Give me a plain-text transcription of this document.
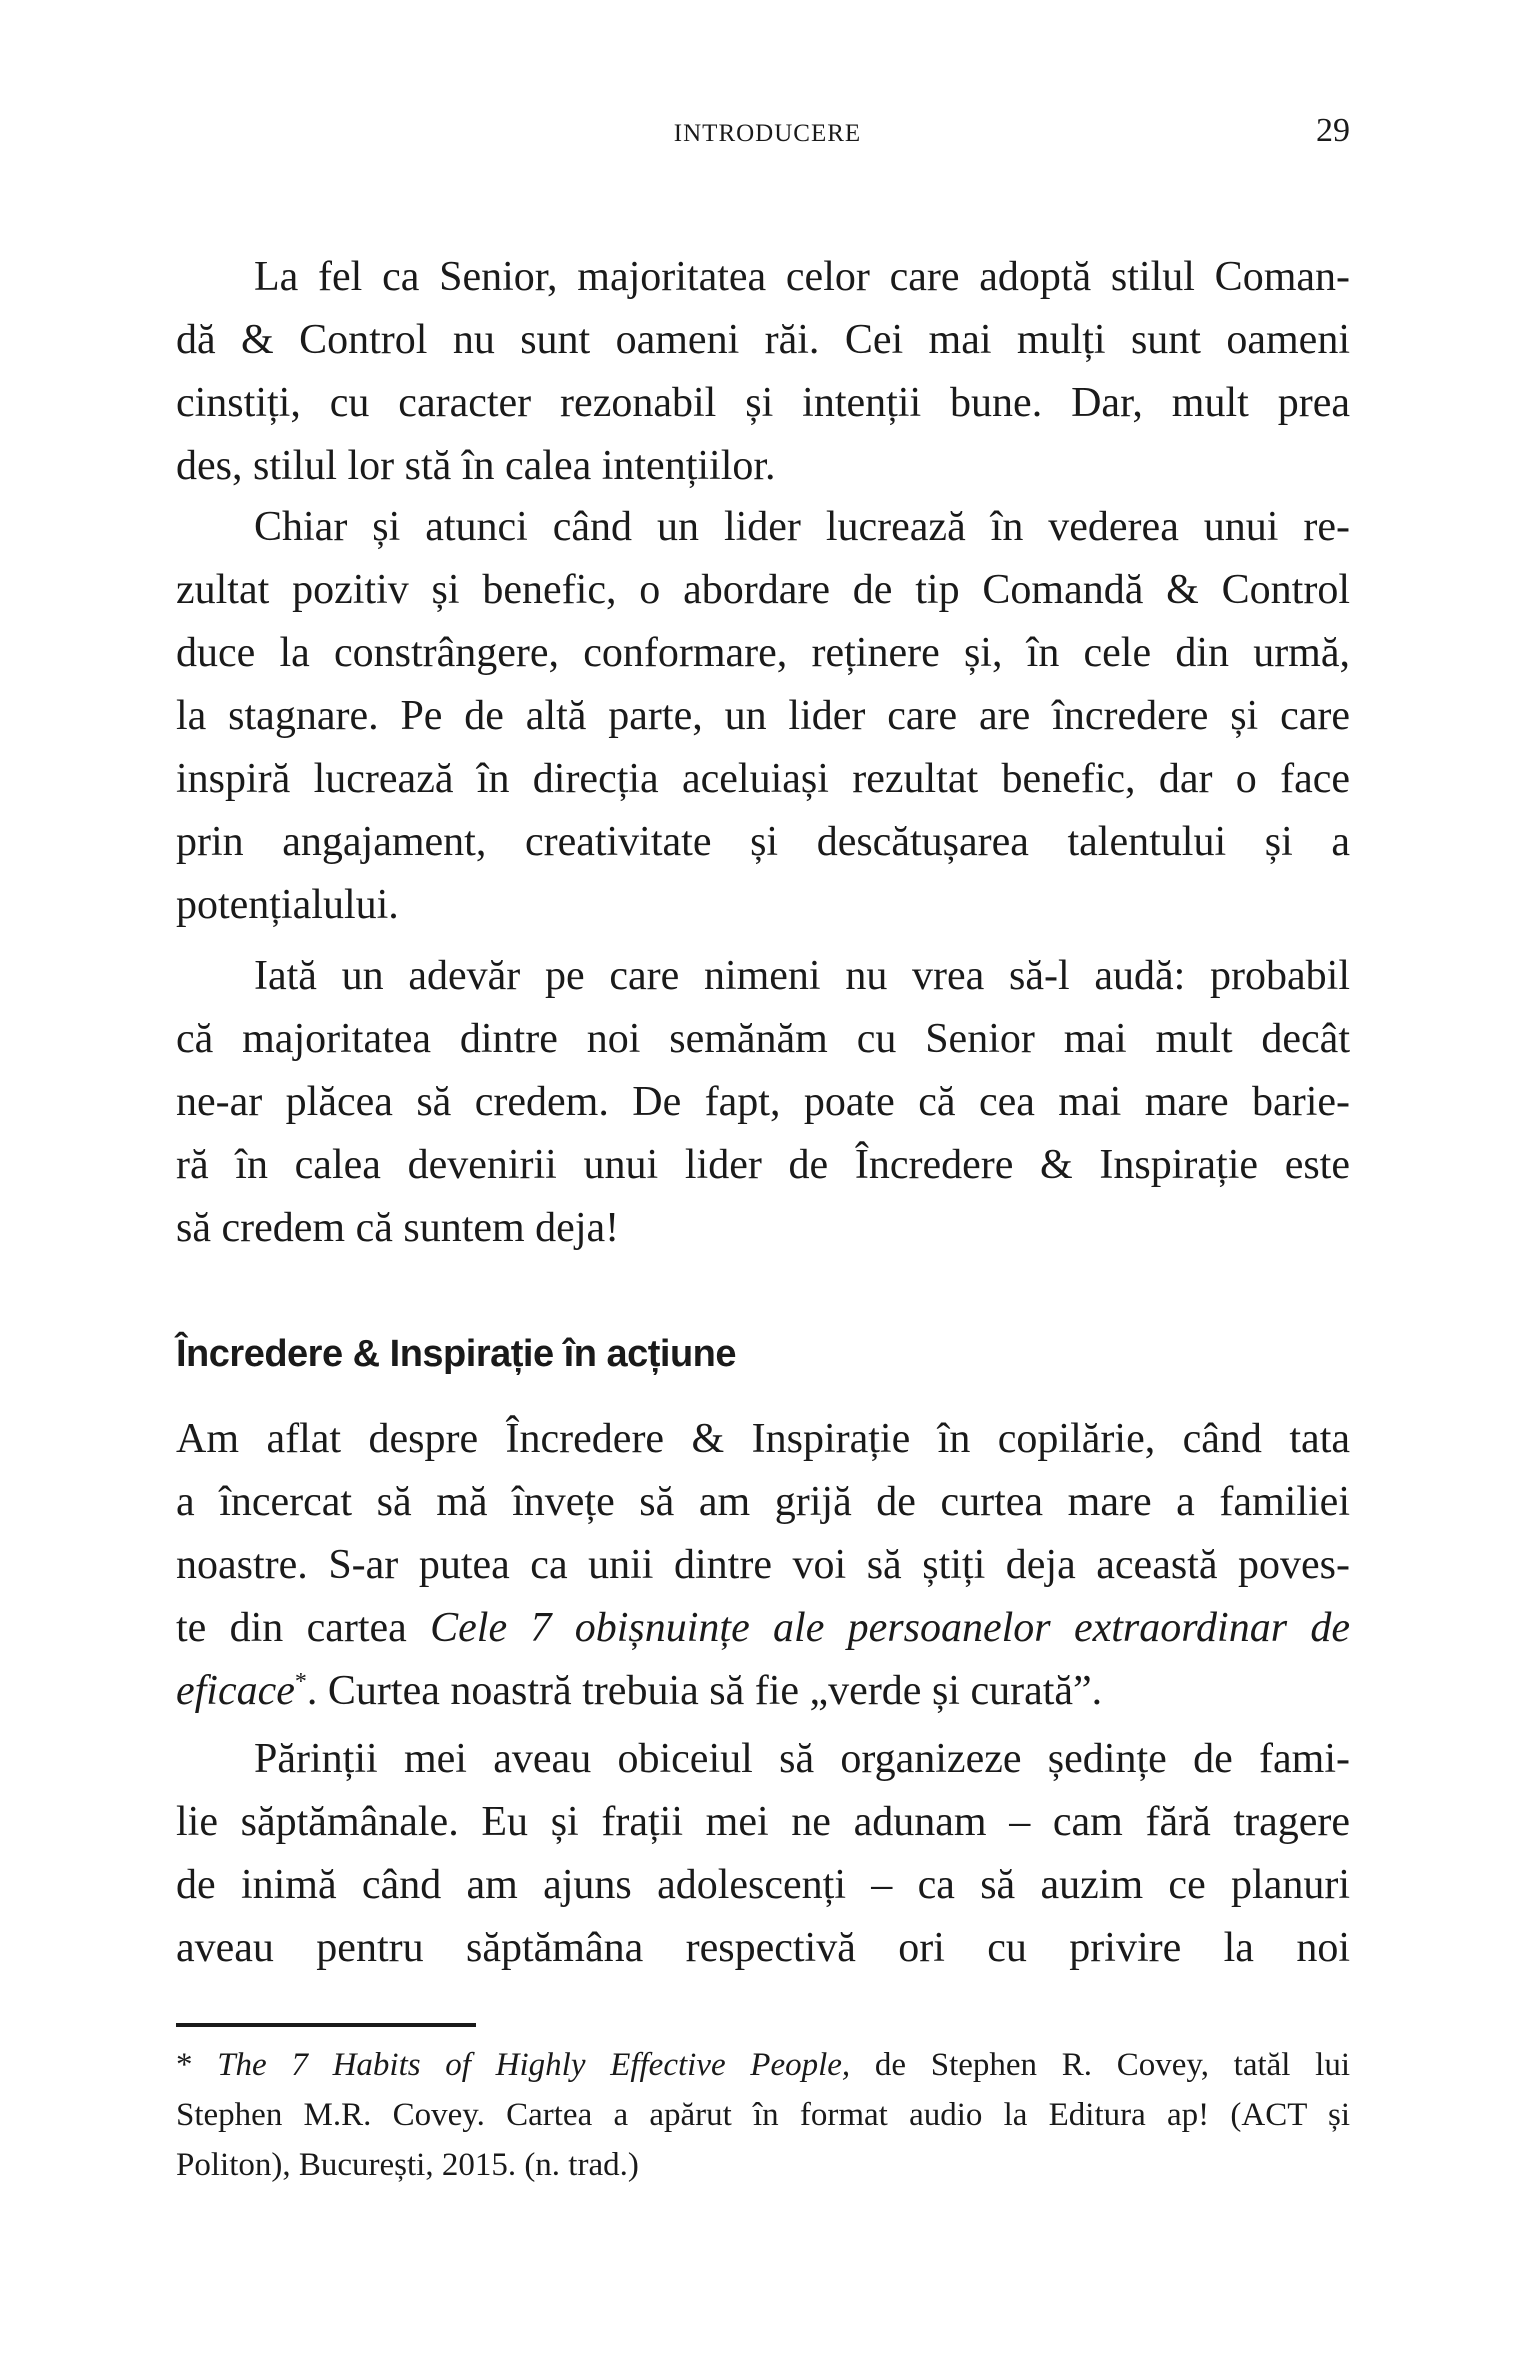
INTRODUCERE	29
La fel ca Senior, majoritatea celor care adoptă stilul Coman-
dă & Control nu sunt oameni răi. Cei mai mulți sunt oameni
cinstiți, cu caracter rezonabil și intenții bune. Dar, mult prea
des, stilul lor stă în calea intențiilor.
Chiar și atunci când un lider lucrează în vederea unui re-
zultat pozitiv și benefic, o abordare de tip Comandă & Control
duce la constrângere, conformare, reținere și, în cele din urmă,
la stagnare. Pe de altă parte, un lider care are încredere și care
inspiră lucrează în direcția aceluiași rezultat benefic, dar o face
prin angajament, creativitate și descătușarea talentului și a
potențialului.
Iată un adevăr pe care nimeni nu vrea să-l audă: probabil
că majoritatea dintre noi semănăm cu Senior mai mult decât
ne-ar plăcea să credem. De fapt, poate că cea mai mare barie-
ră în calea devenirii unui lider de Încredere & Inspirație este
să credem că suntem deja!
Încredere & Inspirație în acțiune
Am aflat despre Încredere & Inspirație în copilărie, când tata
a încercat să mă învețe să am grijă de curtea mare a familiei
noastre. S-ar putea ca unii dintre voi să știți deja această poves-
te din cartea Cele 7 obișnuințe ale persoanelor extraordinar de
eficace*. Curtea noastră trebuia să fie „verde și curată”.
Părinții mei aveau obiceiul să organizeze ședințe de fami-
lie săptămânale. Eu și frații mei ne adunam – cam fără tragere
de inimă când am ajuns adolescenți – ca să auzim ce planuri
aveau pentru săptămâna respectivă ori cu privire la noi
* The 7 Habits of Highly Effective People, de Stephen R. Covey, tatăl lui
Stephen M.R. Covey. Cartea a apărut în format audio la Editura ap! (ACT și
Politon), București, 2015. (n. trad.)
